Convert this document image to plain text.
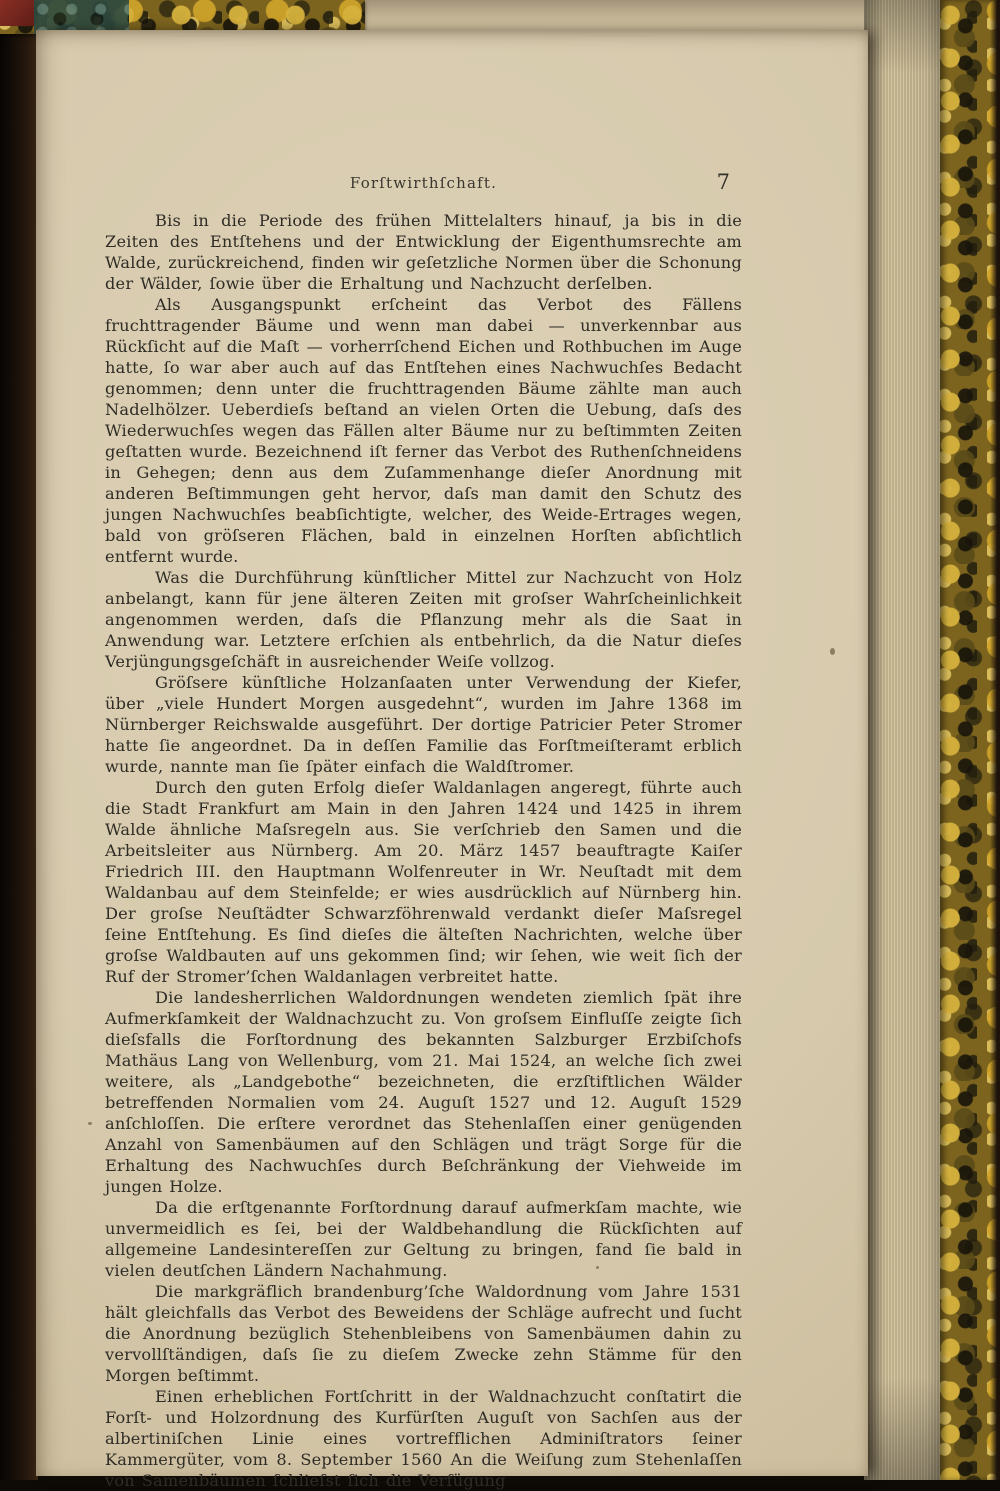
Forſtwirthſchaft.	7

Bis in die Periode des frühen Mittelalters hinauf, ja bis in die Zeiten des Entſtehens und der Entwicklung der Eigenthumsrechte am Walde, zurückreichend, finden wir geſetzliche Normen über die Schonung der Wälder, ſowie über die Erhaltung und Nachzucht derſelben.

Als Ausgangspunkt erſcheint das Verbot des Fällens fruchttragender Bäume und wenn man dabei — unverkennbar aus Rückſicht auf die Maſt — vorherrſchend Eichen und Rothbuchen im Auge hatte, ſo war aber auch auf das Entſtehen eines Nachwuchſes Bedacht genommen; denn unter die fruchttragenden Bäume zählte man auch Nadelhölzer. Ueberdieſs beſtand an vielen Orten die Uebung, daſs des Wiederwuchſes wegen das Fällen alter Bäume nur zu beſtimmten Zeiten geſtatten wurde. Bezeichnend iſt ferner das Verbot des Ruthenſchneidens in Gehegen; denn aus dem Zuſammenhange dieſer Anordnung mit anderen Beſtimmungen geht hervor, daſs man damit den Schutz des jungen Nachwuchſes beabſichtigte, welcher, des Weide-Ertrages wegen, bald von gröſseren Flächen, bald in einzelnen Horſten abſichtlich entfernt wurde.

Was die Durchführung künſtlicher Mittel zur Nachzucht von Holz anbelangt, kann für jene älteren Zeiten mit groſser Wahrſcheinlichkeit angenommen werden, daſs die Pflanzung mehr als die Saat in Anwendung war. Letztere erſchien als entbehrlich, da die Natur dieſes Verjüngungsgeſchäft in ausreichender Weiſe vollzog.

Gröſsere künſtliche Holzanſaaten unter Verwendung der Kiefer, über „viele Hundert Morgen ausgedehnt“, wurden im Jahre 1368 im Nürnberger Reichswalde ausgeführt. Der dortige Patricier Peter Stromer hatte ſie angeordnet. Da in deſſen Familie das Forſtmeiſteramt erblich wurde, nannte man ſie ſpäter einfach die Waldſtromer.

Durch den guten Erfolg dieſer Waldanlagen angeregt, führte auch die Stadt Frankfurt am Main in den Jahren 1424 und 1425 in ihrem Walde ähnliche Maſsregeln aus. Sie verſchrieb den Samen und die Arbeitsleiter aus Nürnberg. Am 20. März 1457 beauftragte Kaiſer Friedrich III. den Hauptmann Wolfenreuter in Wr. Neuſtadt mit dem Waldanbau auf dem Steinfelde; er wies ausdrücklich auf Nürnberg hin. Der groſse Neuſtädter Schwarzföhrenwald verdankt dieſer Maſsregel ſeine Entſtehung. Es ſind dieſes die älteſten Nachrichten, welche über groſse Waldbauten auf uns gekommen ſind; wir ſehen, wie weit ſich der Ruf der Stromer’ſchen Waldanlagen verbreitet hatte.

Die landesherrlichen Waldordnungen wendeten ziemlich ſpät ihre Aufmerkſamkeit der Waldnachzucht zu. Von groſsem Einfluſſe zeigte ſich dieſsfalls die Forſtordnung des bekannten Salzburger Erzbiſchofs Mathäus Lang von Wellenburg, vom 21. Mai 1524, an welche ſich zwei weitere, als „Landgebothe“ bezeichneten, die erzſtiftlichen Wälder betreffenden Normalien vom 24. Auguſt 1527 und 12. Auguſt 1529 anſchloſſen. Die erſtere verordnet das Stehenlaſſen einer genügenden Anzahl von Samenbäumen auf den Schlägen und trägt Sorge für die Erhaltung des Nachwuchſes durch Beſchränkung der Viehweide im jungen Holze.

Da die erſtgenannte Forſtordnung darauf aufmerkſam machte, wie unvermeidlich es ſei, bei der Waldbehandlung die Rückſichten auf allgemeine Landesintereſſen zur Geltung zu bringen, fand ſie bald in vielen deutſchen Ländern Nachahmung.

Die markgräflich brandenburg’ſche Waldordnung vom Jahre 1531 hält gleichfalls das Verbot des Beweidens der Schläge aufrecht und ſucht die Anordnung bezüglich Stehenbleibens von Samenbäumen dahin zu vervollſtändigen, daſs ſie zu dieſem Zwecke zehn Stämme für den Morgen beſtimmt.

Einen erheblichen Fortſchritt in der Waldnachzucht conſtatirt die Forſt- und Holzordnung des Kurfürſten Auguſt von Sachſen aus der albertiniſchen Linie eines vortrefflichen Adminiſtrators ſeiner Kammergüter, vom 8. September 1560 An die Weiſung zum Stehenlaſſen von Samenbäumen ſchlieſst ſich die Verfügung
